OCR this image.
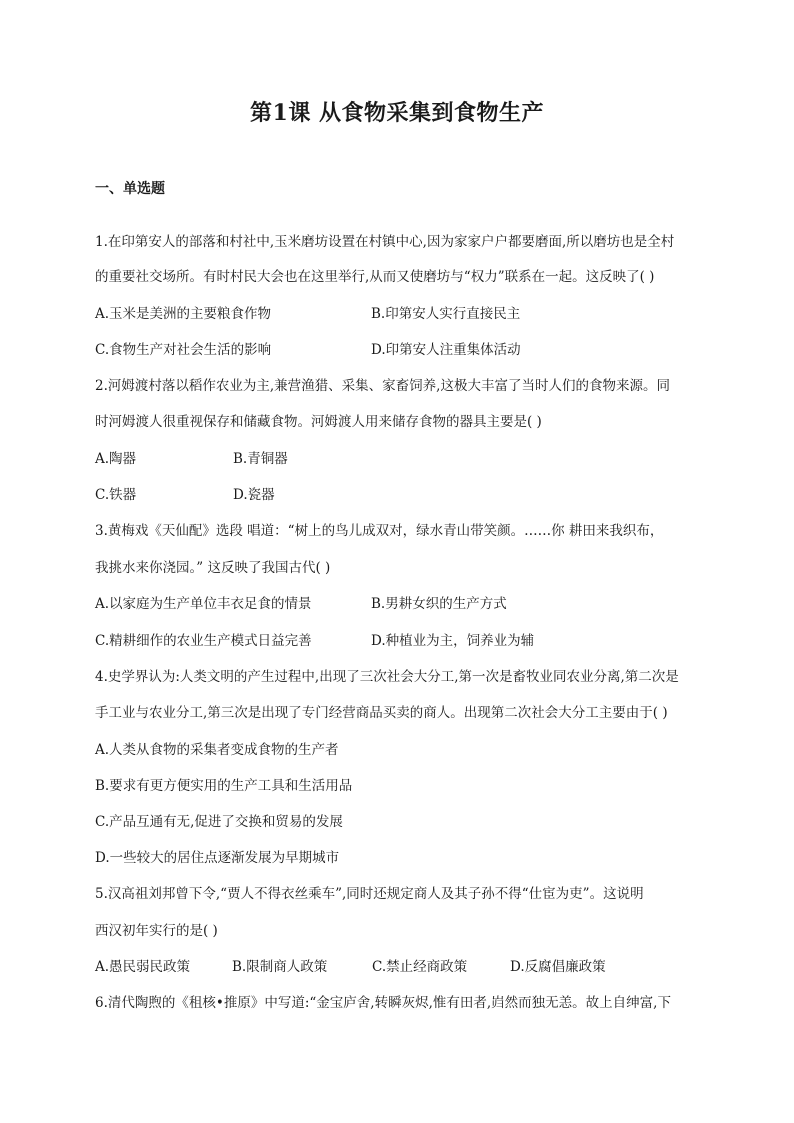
第1课 从食物采集到食物生产
一、单选题
1.在印第安人的部落和村社中,玉米磨坊设置在村镇中心,因为家家户户都要磨面,所以磨坊也是全村
的重要社交场所。有时村民大会也在这里举行,从而又使磨坊与“权力”联系在一起。这反映了( )
A.玉米是美洲的主要粮食作物	B.印第安人实行直接民主
C.食物生产对社会生活的影响	D.印第安人注重集体活动
2.河姆渡村落以稻作农业为主,兼营渔猎、采集、家畜饲养,这极大丰富了当时人们的食物来源。同
时河姆渡人很重视保存和储藏食物。河姆渡人用来储存食物的器具主要是( )
A.陶器	B.青铜器
C.铁器	D.瓷器
3.黄梅戏《天仙配》选段 唱道：“树上的鸟儿成双对，绿水青山带笑颜。……你 耕田来我织布，
我挑水来你浇园。” 这反映了我国古代( )
A.以家庭为生产单位丰衣足食的情景	B.男耕女织的生产方式
C.精耕细作的农业生产模式日益完善	D.种植业为主，饲养业为辅
4.史学界认为:人类文明的产生过程中,出现了三次社会大分工,第一次是畜牧业同农业分离,第二次是
手工业与农业分工,第三次是出现了专门经营商品买卖的商人。出现第二次社会大分工主要由于( )
A.人类从食物的采集者变成食物的生产者
B.要求有更方便实用的生产工具和生活用品
C.产品互通有无,促进了交换和贸易的发展
D.一些较大的居住点逐渐发展为早期城市
5.汉高祖刘邦曾下令,“贾人不得衣丝乘车”,同时还规定商人及其子孙不得“仕宦为吏”。这说明
西汉初年实行的是( )
A.愚民弱民政策	B.限制商人政策	C.禁止经商政策	D.反腐倡廉政策
6.清代陶煦的《租核•推原》中写道:“金宝庐舍,转瞬灰烬,惟有田者,岿然而独无恙。故上自绅富,下
